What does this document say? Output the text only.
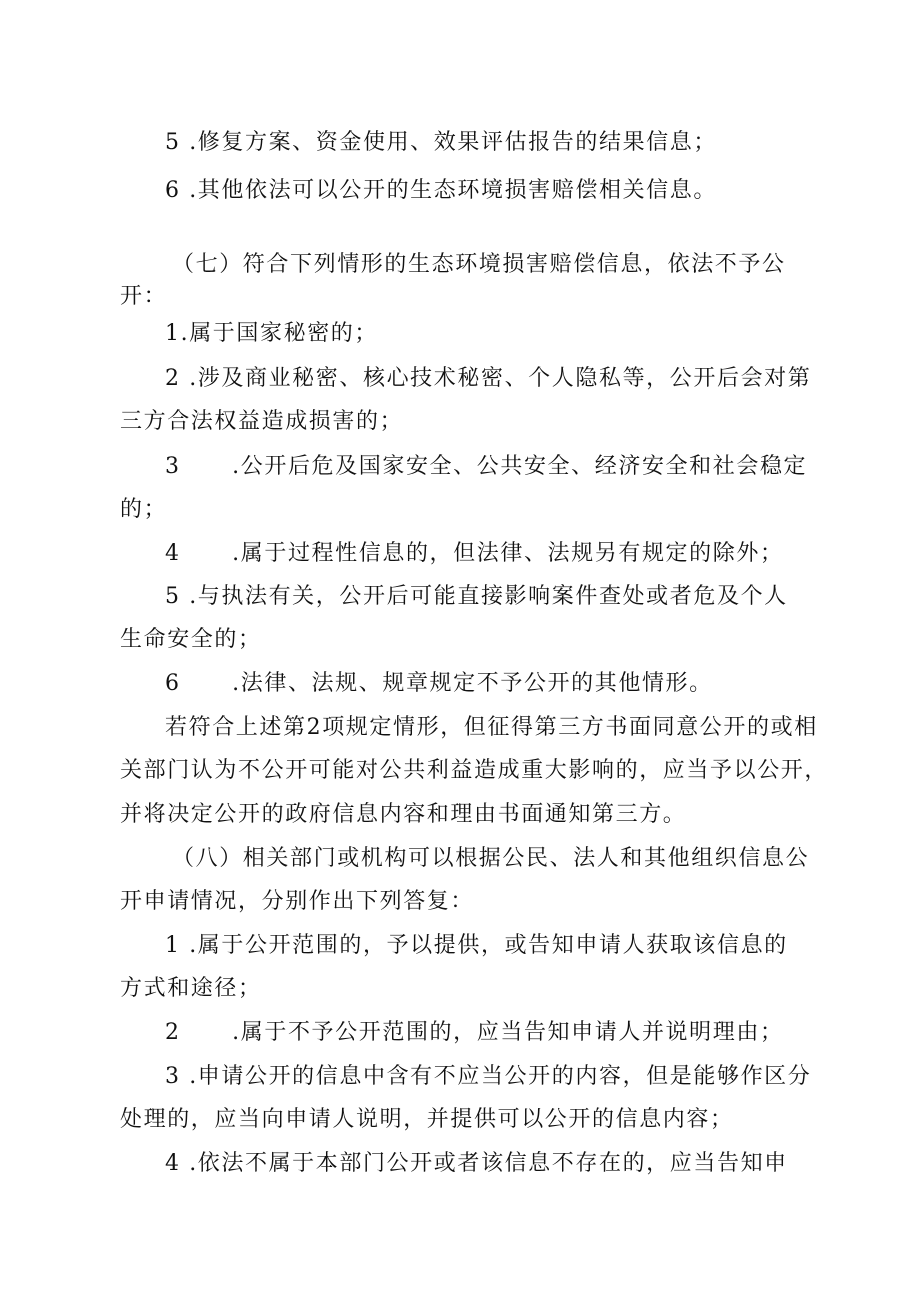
5 .修复方案、资金使用、效果评估报告的结果信息；
6 .其他依法可以公开的生态环境损害赔偿相关信息。
（七）符合下列情形的生态环境损害赔偿信息，依法不予公
开：
1.属于国家秘密的；
2 .涉及商业秘密、核心技术秘密、个人隐私等，公开后会对第
三方合法权益造成损害的；
3      .公开后危及国家安全、公共安全、经济安全和社会稳定
的；
4      .属于过程性信息的，但法律、法规另有规定的除外；
5 .与执法有关，公开后可能直接影响案件查处或者危及个人
生命安全的；
6      .法律、法规、规章规定不予公开的其他情形。
若符合上述第2项规定情形，但征得第三方书面同意公开的或相
关部门认为不公开可能对公共利益造成重大影响的，应当予以公开，
并将决定公开的政府信息内容和理由书面通知第三方。
（八）相关部门或机构可以根据公民、法人和其他组织信息公
开申请情况，分别作出下列答复：
1 .属于公开范围的，予以提供，或告知申请人获取该信息的
方式和途径；
2      .属于不予公开范围的，应当告知申请人并说明理由；
3 .申请公开的信息中含有不应当公开的内容，但是能够作区分
处理的，应当向申请人说明，并提供可以公开的信息内容；
4 .依法不属于本部门公开或者该信息不存在的，应当告知申
